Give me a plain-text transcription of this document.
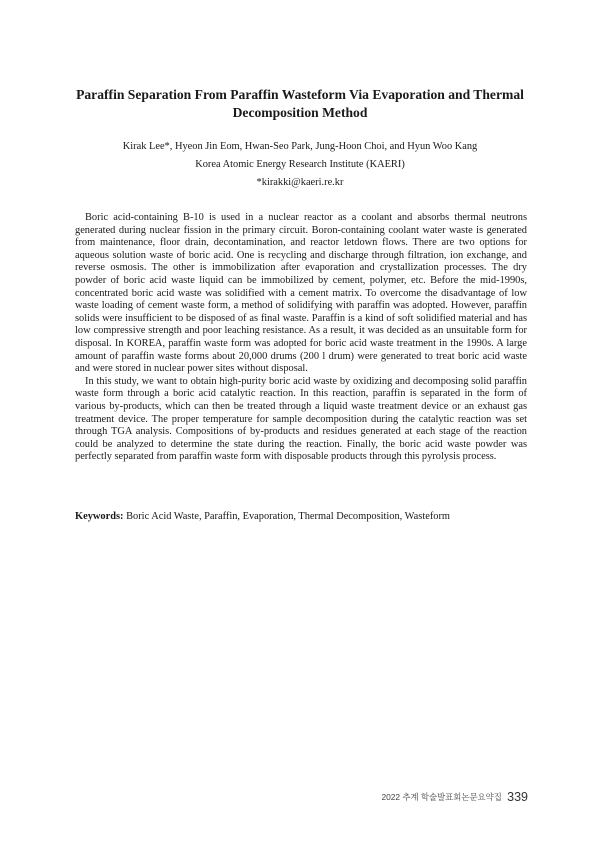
Paraffin Separation From Paraffin Wasteform Via Evaporation and Thermal Decomposition Method

Kirak Lee*, Hyeon Jin Eom, Hwan-Seo Park, Jung-Hoon Choi, and Hyun Woo Kang

Korea Atomic Energy Research Institute (KAERI)

*kirakki@kaeri.re.kr

Boric acid-containing B-10 is used in a nuclear reactor as a coolant and absorbs thermal neutrons generated during nuclear fission in the primary circuit. Boron-containing coolant water waste is generated from maintenance, floor drain, decontamination, and reactor letdown flows. There are two options for aqueous solution waste of boric acid. One is recycling and discharge through filtration, ion exchange, and reverse osmosis. The other is immobilization after evaporation and crystallization processes. The dry powder of boric acid waste liquid can be immobilized by cement, polymer, etc. Before the mid-1990s, concentrated boric acid waste was solidified with a cement matrix. To overcome the disadvantage of low waste loading of cement waste form, a method of solidifying with paraffin was adopted. However, paraffin solids were insufficient to be disposed of as final waste. Paraffin is a kind of soft solidified material and has low compressive strength and poor leaching resistance. As a result, it was decided as an unsuitable form for disposal. In KOREA, paraffin waste form was adopted for boric acid waste treatment in the 1990s. A large amount of paraffin waste forms about 20,000 drums (200 l drum) were generated to treat boric acid waste and were stored in nuclear power sites without disposal.

In this study, we want to obtain high-purity boric acid waste by oxidizing and decomposing solid paraffin waste form through a boric acid catalytic reaction. In this reaction, paraffin is separated in the form of various by-products, which can then be treated through a liquid waste treatment device or an exhaust gas treatment device. The proper temperature for sample decomposition during the catalytic reaction was set through TGA analysis. Compositions of by-products and residues generated at each stage of the reaction could be analyzed to determine the state during the reaction. Finally, the boric acid waste powder was perfectly separated from paraffin waste form with disposable products through this pyrolysis process.

Keywords: Boric Acid Waste, Paraffin, Evaporation, Thermal Decomposition, Wasteform

2022 추계 학술발표회논문요약집 339
